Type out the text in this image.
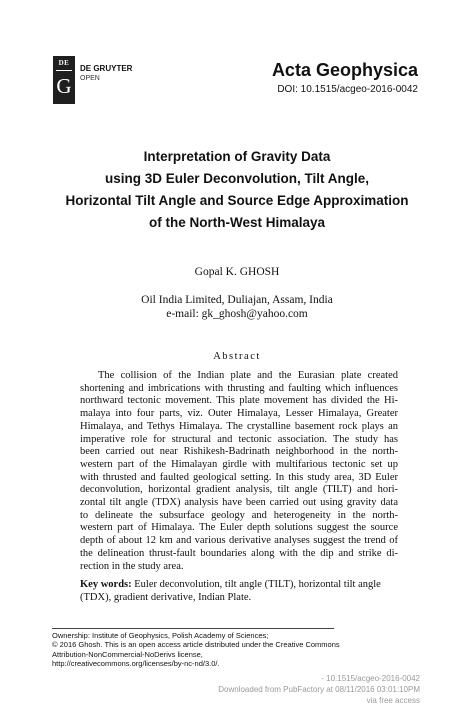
DE
G
DE GRUYTER
OPEN	Acta Geophysica
DOI: 10.1515/acgeo-2016-0042
Interpretation of Gravity Data
using 3D Euler Deconvolution, Tilt Angle,
Horizontal Tilt Angle and Source Edge Approximation
of the North-West Himalaya
Gopal K. GHOSH
Oil India Limited, Duliajan, Assam, India
e-mail: gk_ghosh@yahoo.com
Abstract
The collision of the Indian plate and the Eurasian plate created
shortening and imbrications with thrusting and faulting which influences
northward tectonic movement. This plate movement has divided the Hi-
malaya into four parts, viz. Outer Himalaya, Lesser Himalaya, Greater
Himalaya, and Tethys Himalaya. The crystalline basement rock plays an
imperative role for structural and tectonic association. The study has
been carried out near Rishikesh-Badrinath neighborhood in the north-
western part of the Himalayan girdle with multifarious tectonic set up
with thrusted and faulted geological setting. In this study area, 3D Euler
deconvolution, horizontal gradient analysis, tilt angle (TILT) and hori-
zontal tilt angle (TDX) analysis have been carried out using gravity data
to delineate the subsurface geology and heterogeneity in the north-
western part of Himalaya. The Euler depth solutions suggest the source
depth of about 12 km and various derivative analyses suggest the trend of
the delineation thrust-fault boundaries along with the dip and strike di-
rection in the study area.
Key words: Euler deconvolution, tilt angle (TILT), horizontal tilt angle
(TDX), gradient derivative, Indian Plate.
Ownership: Institute of Geophysics, Polish Academy of Sciences;
© 2016 Ghosh. This is an open access article distributed under the Creative Commons
Attribution-NonCommercial-NoDerivs license,
http://creativecommons.org/licenses/by-nc-nd/3.0/.
- 10.1515/acgeo-2016-0042
Downloaded from PubFactory at 08/11/2016 03:01:10PM
via free access
